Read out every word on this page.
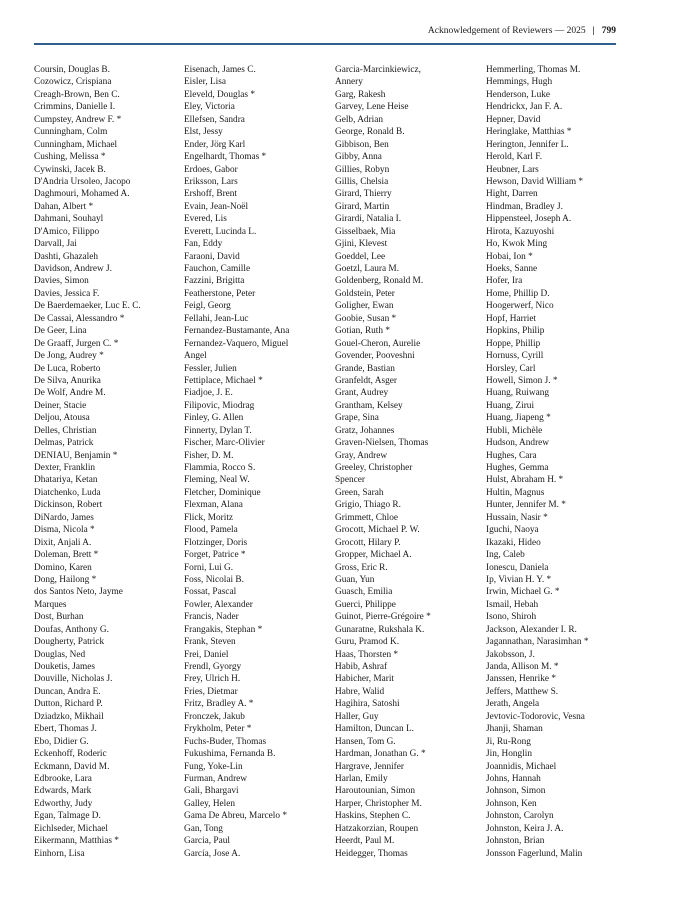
Acknowledgement of Reviewers — 2025 | 799
Coursin, Douglas B.
Cozowicz, Crispiana
Creagh-Brown, Ben C.
Crimmins, Danielle I.
Cumpstey, Andrew F. *
Cunningham, Colm
Cunningham, Michael
Cushing, Melissa *
Cywinski, Jacek B.
D'Andria Ursoleo, Jacopo
Daghmouri, Mohamed A.
Dahan, Albert *
Dahmani, Souhayl
D'Amico, Filippo
Darvall, Jai
Dashti, Ghazaleh
Davidson, Andrew J.
Davies, Simon
Davies, Jessica F.
De Baerdemaeker, Luc E. C.
De Cassai, Alessandro *
De Geer, Lina
De Graaff, Jurgen C. *
De Jong, Audrey *
De Luca, Roberto
De Silva, Anurika
De Wolf, Andre M.
Deiner, Stacie
Deljou, Atousa
Delles, Christian
Delmas, Patrick
DENIAU, Benjamin *
Dexter, Franklin
Dhatariya, Ketan
Diatchenko, Luda
Dickinson, Robert
DiNardo, James
Disma, Nicola *
Dixit, Anjali A.
Doleman, Brett *
Domino, Karen
Dong, Hailong *
dos Santos Neto, Jayme
Marques
Dost, Burhan
Doufas, Anthony G.
Dougherty, Patrick
Douglas, Ned
Douketis, James
Douville, Nicholas J.
Duncan, Andra E.
Dutton, Richard P.
Dziadzko, Mikhail
Ebert, Thomas J.
Ebo, Didier G.
Eckenhoff, Roderic
Eckmann, David M.
Edbrooke, Lara
Edwards, Mark
Edworthy, Judy
Egan, Talmage D.
Eichlseder, Michael
Eikermann, Matthias *
Einhorn, Lisa
Eisenach, James C.
Eisler, Lisa
Eleveld, Douglas *
Eley, Victoria
Ellefsen, Sandra
Elst, Jessy
Ender, Jörg Karl
Engelhardt, Thomas *
Erdoes, Gabor
Eriksson, Lars
Ershoff, Brent
Evain, Jean-Noël
Evered, Lis
Everett, Lucinda L.
Fan, Eddy
Faraoni, David
Fauchon, Camille
Fazzini, Brigitta
Featherstone, Peter
Feigl, Georg
Fellahi, Jean-Luc
Fernandez-Bustamante, Ana
Fernandez-Vaquero, Miguel
Angel
Fessler, Julien
Fettiplace, Michael *
Fiadjoe, J. E.
Filipovic, Miodrag
Finley, G. Allen
Finnerty, Dylan T.
Fischer, Marc-Olivier
Fisher, D. M.
Flammia, Rocco S.
Fleming, Neal W.
Fletcher, Dominique
Flexman, Alana
Flick, Moritz
Flood, Pamela
Flotzinger, Doris
Forget, Patrice *
Forni, Lui G.
Foss, Nicolai B.
Fossat, Pascal
Fowler, Alexander
Francis, Nader
Frangakis, Stephan *
Frank, Steven
Frei, Daniel
Frendl, Gyorgy
Frey, Ulrich H.
Fries, Dietmar
Fritz, Bradley A. *
Fronczek, Jakub
Frykholm, Peter *
Fuchs-Buder, Thomas
Fukushima, Fernanda B.
Fung, Yoke-Lin
Furman, Andrew
Gali, Bhargavi
Galley, Helen
Gama De Abreu, Marcelo *
Gan, Tong
Garcia, Paul
García, Jose A.
Garcia-Marcinkiewicz,
Annery
Garg, Rakesh
Garvey, Lene Heise
Gelb, Adrian
George, Ronald B.
Gibbison, Ben
Gibby, Anna
Gillies, Robyn
Gillis, Chelsia
Girard, Thierry
Girard, Martin
Girardi, Natalia I.
Gisselbaek, Mia
Gjini, Klevest
Goeddel, Lee
Goetzl, Laura M.
Goldenberg, Ronald M.
Goldstein, Peter
Goligher, Ewan
Goobie, Susan *
Gotian, Ruth *
Gouel-Cheron, Aurelie
Govender, Pooveshni
Grande, Bastian
Granfeldt, Asger
Grant, Audrey
Grantham, Kelsey
Grape, Sina
Gratz, Johannes
Graven-Nielsen, Thomas
Gray, Andrew
Greeley, Christopher
Spencer
Green, Sarah
Grigio, Thiago R.
Grimmett, Chloe
Grocott, Michael P. W.
Grocott, Hilary P.
Gropper, Michael A.
Gross, Eric R.
Guan, Yun
Guasch, Emilia
Guerci, Philippe
Guinot, Pierre-Grégoire *
Gunaratne, Rukshala K.
Guru, Pramod K.
Haas, Thorsten *
Habib, Ashraf
Habicher, Marit
Habre, Walid
Hagihira, Satoshi
Haller, Guy
Hamilton, Duncan L.
Hansen, Tom G.
Hardman, Jonathan G. *
Hargrave, Jennifer
Harlan, Emily
Haroutounian, Simon
Harper, Christopher M.
Haskins, Stephen C.
Hatzakorzian, Roupen
Heerdt, Paul M.
Heidegger, Thomas
Hemmerling, Thomas M.
Hemmings, Hugh
Henderson, Luke
Hendrickx, Jan F. A.
Hepner, David
Heringlake, Matthias *
Herington, Jennifer L.
Herold, Karl F.
Heubner, Lars
Hewson, David William *
Hight, Darren
Hindman, Bradley J.
Hippensteel, Joseph A.
Hirota, Kazuyoshi
Ho, Kwok Ming
Hobai, Ion *
Hoeks, Sanne
Hofer, Ira
Home, Phillip D.
Hoogerwerf, Nico
Hopf, Harriet
Hopkins, Philip
Hoppe, Phillip
Hornuss, Cyrill
Horsley, Carl
Howell, Simon J. *
Huang, Ruiwang
Huang, Zirui
Huang, Jiapeng *
Hubli, Michèle
Hudson, Andrew
Hughes, Cara
Hughes, Gemma
Hulst, Abraham H. *
Hultin, Magnus
Hunter, Jennifer M. *
Hussain, Nasir *
Iguchi, Naoya
Ikazaki, Hideo
Ing, Caleb
Ionescu, Daniela
Ip, Vivian H. Y. *
Irwin, Michael G. *
Ismail, Hebah
Isono, Shiroh
Jackson, Alexander I. R.
Jagannathan, Narasimhan *
Jakobsson, J.
Janda, Allison M. *
Janssen, Henrike *
Jeffers, Matthew S.
Jerath, Angela
Jevtovic-Todorovic, Vesna
Jhanji, Shaman
Ji, Ru-Rong
Jin, Honglin
Joannidis, Michael
Johns, Hannah
Johnson, Simon
Johnson, Ken
Johnston, Carolyn
Johnston, Keira J. A.
Johnston, Brian
Jonsson Fagerlund, Malin
